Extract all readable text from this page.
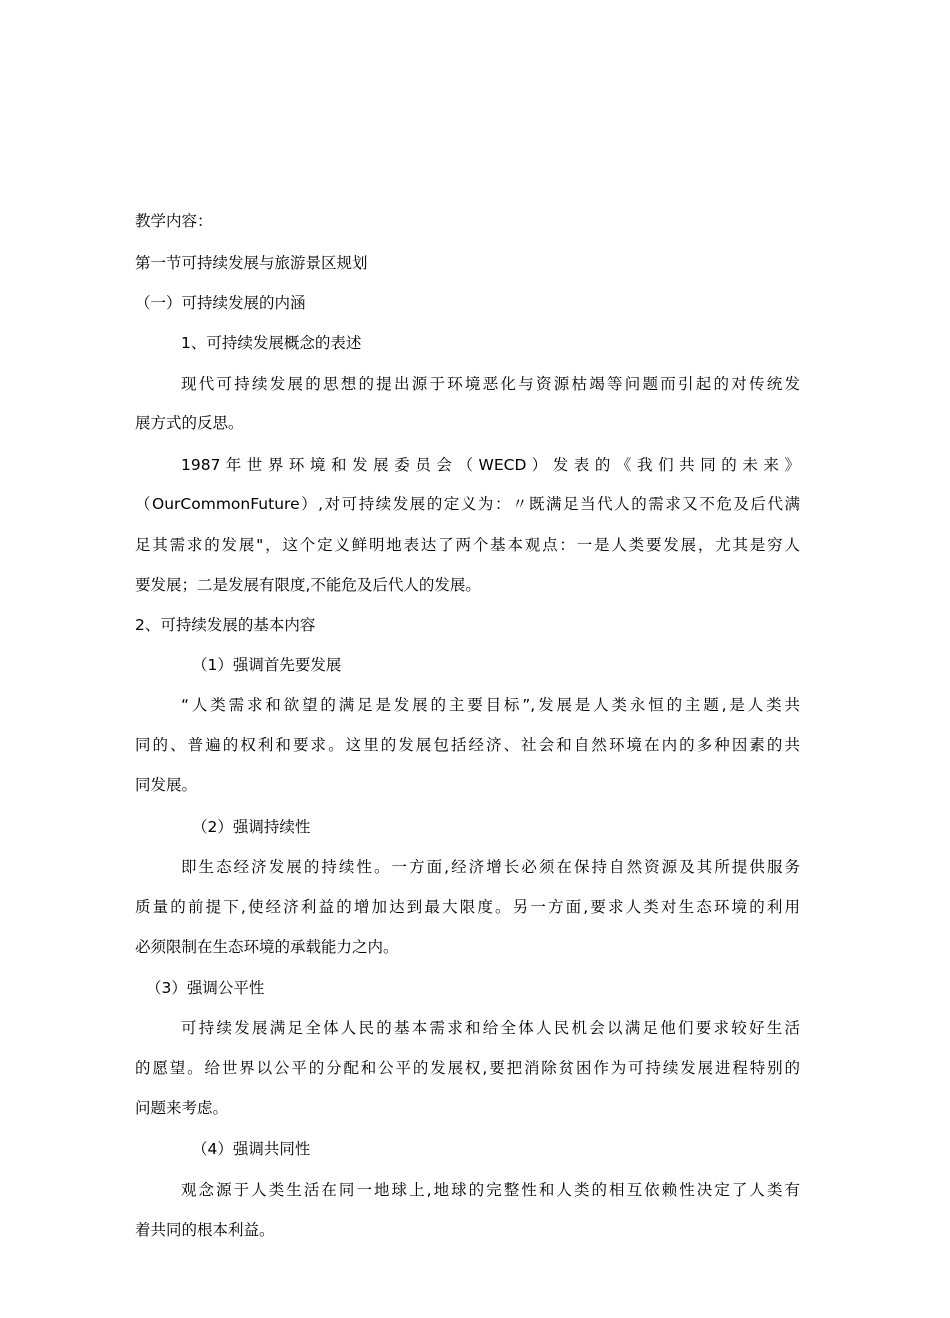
教学内容：
第一节可持续发展与旅游景区规划
（一）可持续发展的内涵
1、可持续发展概念的表述
现代可持续发展的思想的提出源于环境恶化与资源枯竭等问题而引起的对传统发
展方式的反思。
1987 年 世 界 环 境 和 发 展 委 员 会 （ WECD ） 发 表 的 《 我 们 共 同 的 未 来 》
（OurCommonFuture）,对可持续发展的定义为：〃既满足当代人的需求又不危及后代满
足其需求的发展"，这个定义鲜明地表达了两个基本观点：一是人类要发展，尤其是穷人
要发展；二是发展有限度,不能危及后代人的发展。
2、可持续发展的基本内容
（1）强调首先要发展
“人类需求和欲望的满足是发展的主要目标”,发展是人类永恒的主题,是人类共
同的、普遍的权利和要求。这里的发展包括经济、社会和自然环境在内的多种因素的共
同发展。
（2）强调持续性
即生态经济发展的持续性。一方面,经济增长必须在保持自然资源及其所提供服务
质量的前提下,使经济利益的增加达到最大限度。另一方面,要求人类对生态环境的利用
必须限制在生态环境的承载能力之内。
（3）强调公平性
可持续发展满足全体人民的基本需求和给全体人民机会以满足他们要求较好生活
的愿望。给世界以公平的分配和公平的发展权,要把消除贫困作为可持续发展进程特别的
问题来考虑。
（4）强调共同性
观念源于人类生活在同一地球上,地球的完整性和人类的相互依赖性决定了人类有
着共同的根本利益。
